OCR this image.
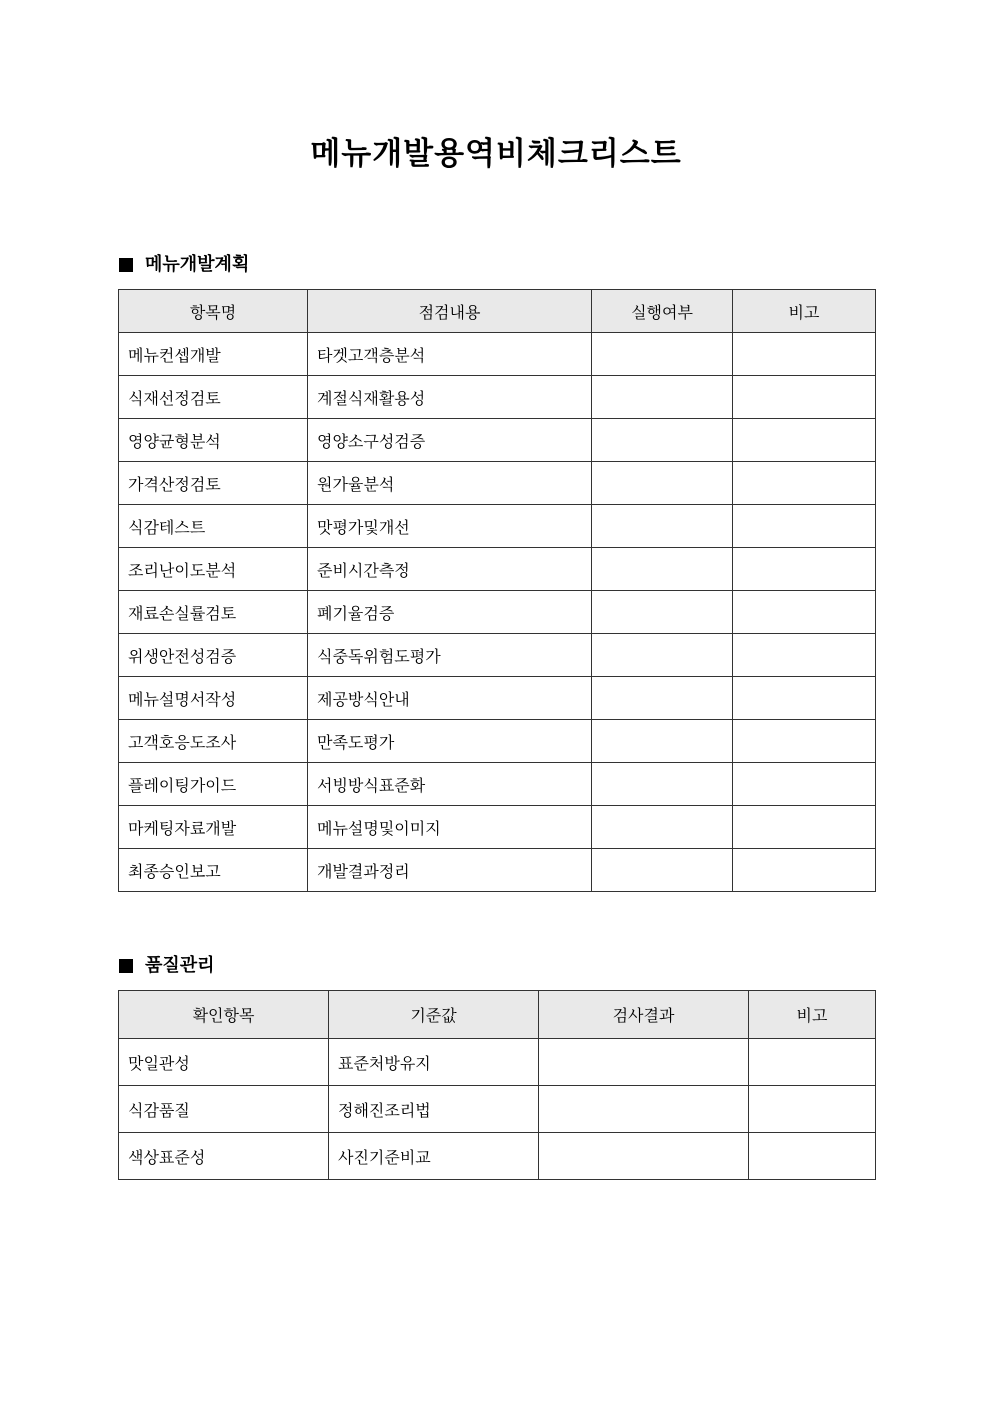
메뉴개발용역비체크리스트
메뉴개발계획
항목명	점검내용	실행여부	비고
메뉴컨셉개발	타겟고객층분석		
식재선정검토	계절식재활용성		
영양균형분석	영양소구성검증		
가격산정검토	원가율분석		
식감테스트	맛평가및개선		
조리난이도분석	준비시간측정		
재료손실률검토	폐기율검증		
위생안전성검증	식중독위험도평가		
메뉴설명서작성	제공방식안내		
고객호응도조사	만족도평가		
플레이팅가이드	서빙방식표준화		
마케팅자료개발	메뉴설명및이미지		
최종승인보고	개발결과정리		
품질관리
확인항목	기준값	검사결과	비고
맛일관성	표준처방유지		
식감품질	정해진조리법		
색상표준성	사진기준비교		
